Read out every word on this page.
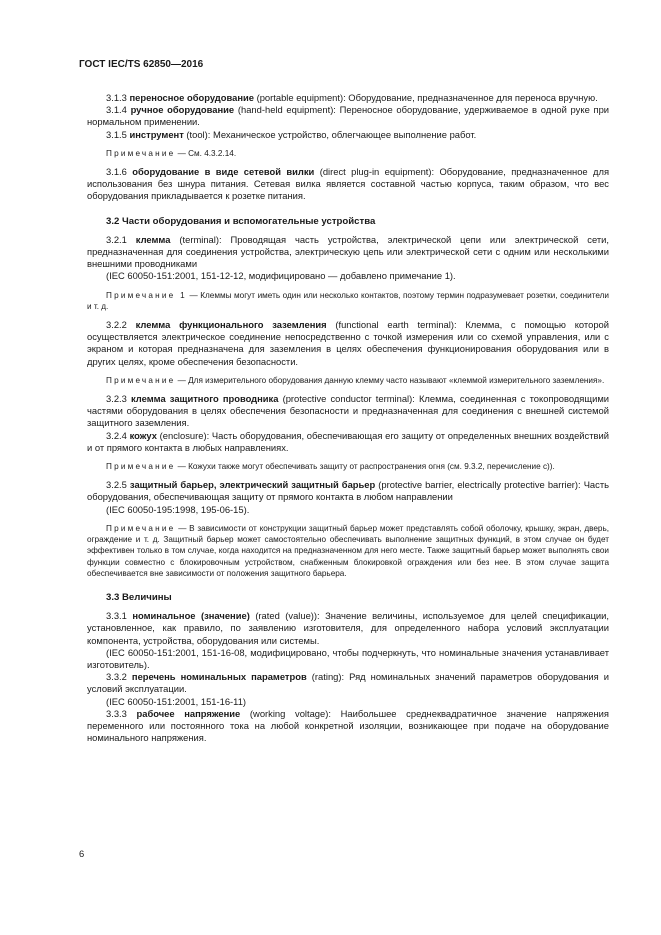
ГОСТ IEC/TS 62850—2016

3.1.3 переносное оборудование (portable equipment): Оборудование, предназначенное для переноса вручную.

3.1.4 ручное оборудование (hand-held equipment): Переносное оборудование, удерживаемое в одной руке при нормальном применении.

3.1.5 инструмент (tool): Механическое устройство, облегчающее выполнение работ.

Примечание — См. 4.3.2.14.

3.1.6 оборудование в виде сетевой вилки (direct plug-in equipment): Оборудование, предназначенное для использования без шнура питания. Сетевая вилка является составной частью корпуса, таким образом, что вес оборудования прикладывается к розетке питания.

3.2 Части оборудования и вспомогательные устройства

3.2.1 клемма (terminal): Проводящая часть устройства, электрической цепи или электрической сети, предназначенная для соединения устройства, электрическую цепь или электрической сети с одним или несколькими внешними проводниками

(IEC 60050-151:2001, 151-12-12, модифицировано — добавлено примечание 1).

Примечание 1 — Клеммы могут иметь один или несколько контактов, поэтому термин подразумевает розетки, соединители и т. д.

3.2.2 клемма функционального заземления (functional earth terminal): Клемма, с помощью которой осуществляется электрическое соединение непосредственно с точкой измерения или со схемой управления, или с экраном и которая предназначена для заземления в целях обеспечения функционирования оборудования или в других целях, кроме обеспечения безопасности.

Примечание — Для измерительного оборудования данную клемму часто называют «клеммой измерительного заземления».

3.2.3 клемма защитного проводника (protective conductor terminal): Клемма, соединенная с токопроводящими частями оборудования в целях обеспечения безопасности и предназначенная для соединения с внешней системой защитного заземления.

3.2.4 кожух (enclosure): Часть оборудования, обеспечивающая его защиту от определенных внешних воздействий и от прямого контакта в любых направлениях.

Примечание — Кожухи также могут обеспечивать защиту от распространения огня (см. 9.3.2, перечисление c)).

3.2.5 защитный барьер, электрический защитный барьер (protective barrier, electrically protective barrier): Часть оборудования, обеспечивающая защиту от прямого контакта в любом направлении

(IEC 60050-195:1998, 195-06-15).

Примечание — В зависимости от конструкции защитный барьер может представлять собой оболочку, крышку, экран, дверь, ограждение и т. д. Защитный барьер может самостоятельно обеспечивать выполнение защитных функций, в этом случае он будет эффективен только в том случае, когда находится на предназначенном для него месте. Также защитный барьер может выполнять свои функции совместно с блокировочным устройством, снабженным блокировкой ограждения или без нее. В этом случае защита обеспечивается вне зависимости от положения защитного барьера.

3.3 Величины

3.3.1 номинальное (значение) (rated (value)): Значение величины, используемое для целей спецификации, установленное, как правило, по заявлению изготовителя, для определенного набора условий эксплуатации компонента, устройства, оборудования или системы.

(IEC 60050-151:2001, 151-16-08, модифицировано, чтобы подчеркнуть, что номинальные значения устанавливает изготовитель).

3.3.2 перечень номинальных параметров (rating): Ряд номинальных значений параметров оборудования и условий эксплуатации.

(IEC 60050-151:2001, 151-16-11)

3.3.3 рабочее напряжение (working voltage): Наибольшее среднеквадратичное значение напряжения переменного или постоянного тока на любой конкретной изоляции, возникающее при подаче на оборудование номинального напряжения.

6
